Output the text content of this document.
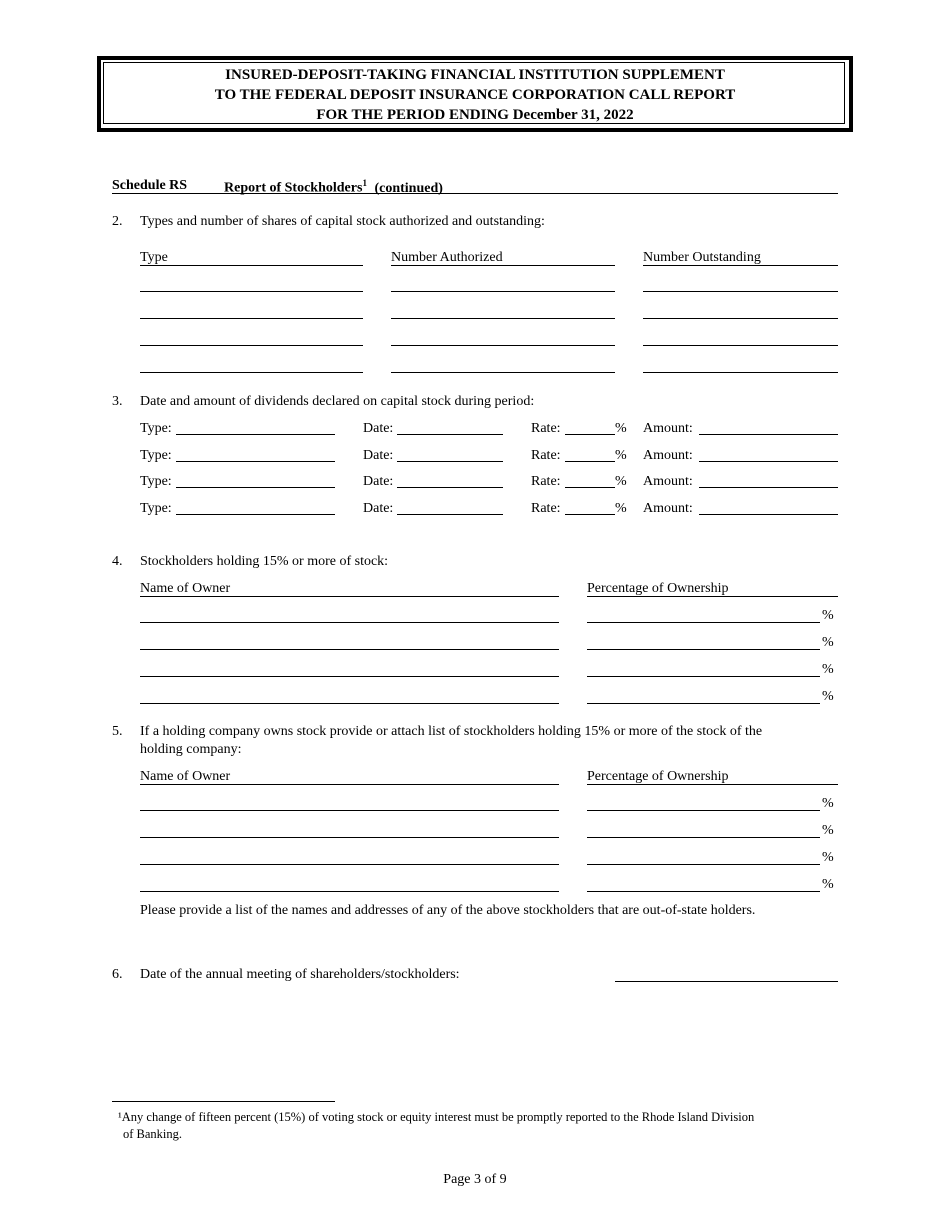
INSURED-DEPOSIT-TAKING FINANCIAL INSTITUTION SUPPLEMENT
TO THE FEDERAL DEPOSIT INSURANCE CORPORATION CALL REPORT
FOR THE PERIOD ENDING December 31, 2022
Schedule RS	Report of Stockholders$^1$ (continued)
2. Types and number of shares of capital stock authorized and outstanding:
Type	Number Authorized	Number Outstanding
3. Date and amount of dividends declared on capital stock during period:
Type:	Date:	Rate:	% Amount:
Type:	Date:	Rate:	% Amount:
Type:	Date:	Rate:	% Amount:
Type:	Date:	Rate:	% Amount:
4. Stockholders holding 15% or more of stock:
Name of Owner	Percentage of Ownership
%
%
%
%
5. If a holding company owns stock provide or attach list of stockholders holding 15% or more of the stock of the
holding company:
Name of Owner	Percentage of Ownership
%
%
%
%
Please provide a list of the names and addresses of any of the above stockholders that are out-of-state holders.
6. Date of the annual meeting of shareholders/stockholders:
¹Any change of fifteen percent (15%) of voting stock or equity interest must be promptly reported to the Rhode Island Division
of Banking.
Page 3 of 9
